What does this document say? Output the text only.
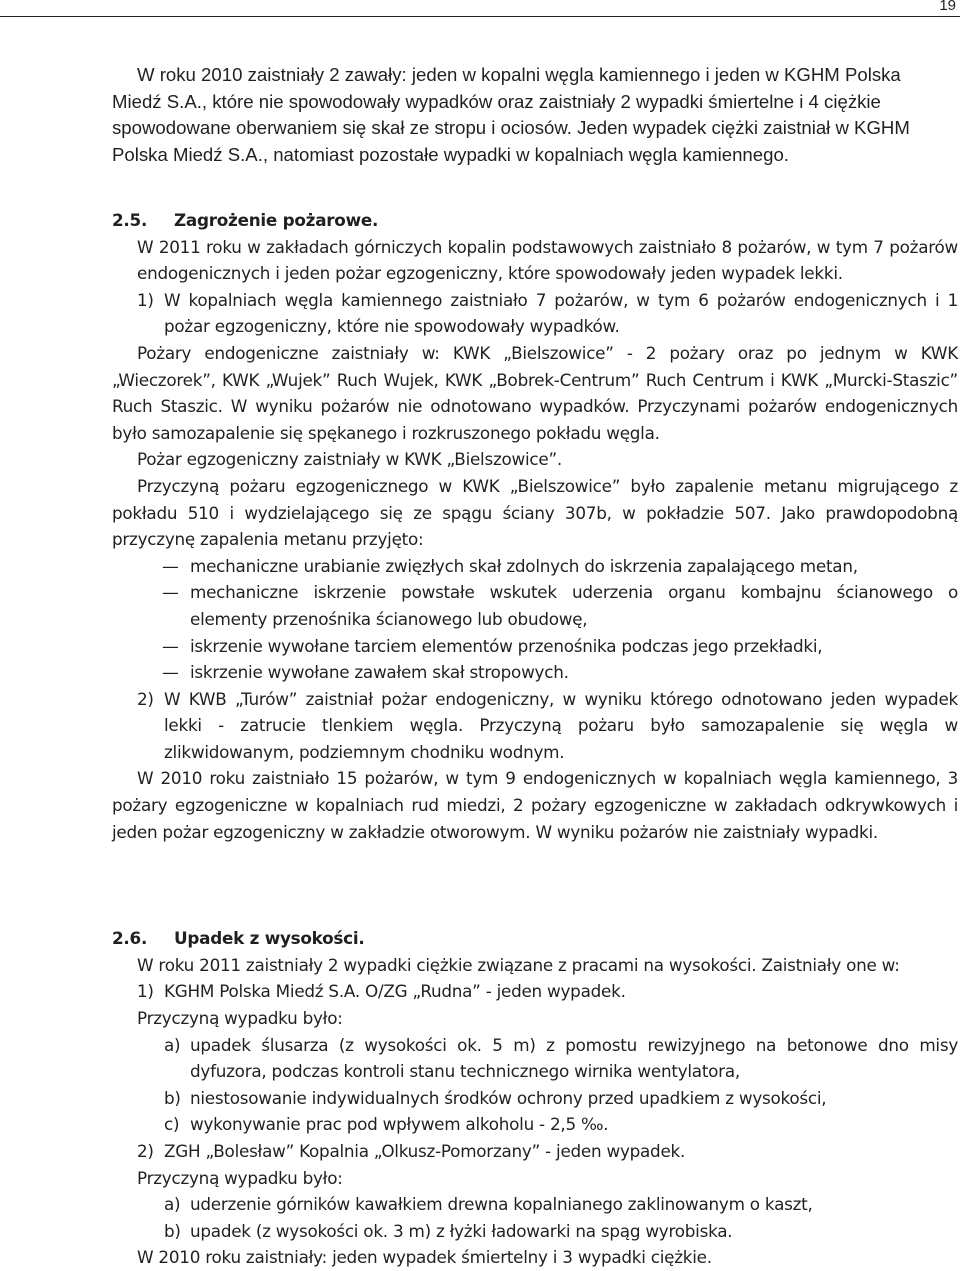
19
W roku 2010 zaistniały 2 zawały: jeden w kopalni węgla kamiennego i jeden w KGHM Polska
Miedź S.A., które nie spowodowały wypadków oraz zaistniały 2 wypadki śmiertelne i 4 ciężkie
spowodowane oberwaniem się skał ze stropu i ociosów. Jeden wypadek ciężki zaistniał w KGHM
Polska Miedź S.A., natomiast pozostałe wypadki w kopalniach węgla kamiennego.
2.5.	Zagrożenie pożarowe.

W 2011 roku w zakładach górniczych kopalin podstawowych zaistniało 8 pożarów, w tym 7 pożarów endogenicznych i jeden pożar egzogeniczny, które spowodowały jeden wypadek lekki.

1) W kopalniach węgla kamiennego zaistniało 7 pożarów, w tym 6 pożarów endogenicznych i 1 pożar egzogeniczny, które nie spowodowały wypadków.

Pożary endogeniczne zaistniały w: KWK „Bielszowice” - 2 pożary oraz po jednym w KWK „Wieczorek”, KWK „Wujek” Ruch Wujek, KWK „Bobrek-Centrum” Ruch Centrum i KWK „Murcki-Staszic” Ruch Staszic. W wyniku pożarów nie odnotowano wypadków. Przyczynami pożarów endogenicznych było samozapalenie się spękanego i rozkruszonego pokładu węgla.

Pożar egzogeniczny zaistniały w KWK „Bielszowice”.

Przyczyną pożaru egzogenicznego w KWK „Bielszowice” było zapalenie metanu migrującego z pokładu 510 i wydzielającego się ze spągu ściany 307b, w pokładzie 507. Jako prawdopodobną przyczynę zapalenia metanu przyjęto:

— mechaniczne urabianie zwięzłych skał zdolnych do iskrzenia zapalającego metan,
— mechaniczne iskrzenie powstałe wskutek uderzenia organu kombajnu ścianowego o elementy przenośnika ścianowego lub obudowę,
— iskrzenie wywołane tarciem elementów przenośnika podczas jego przekładki,
— iskrzenie wywołane zawałem skał stropowych.
2) W KWB „Turów” zaistniał pożar endogeniczny, w wyniku którego odnotowano jeden wypadek lekki - zatrucie tlenkiem węgla. Przyczyną pożaru było samozapalenie się węgla w zlikwidowanym, podziemnym chodniku wodnym.

W 2010 roku zaistniało 15 pożarów, w tym 9 endogenicznych w kopalniach węgla kamiennego, 3 pożary egzogeniczne w kopalniach rud miedzi, 2 pożary egzogeniczne w zakładach odkrywkowych i jeden pożar egzogeniczny w zakładzie otworowym. W wyniku pożarów nie zaistniały wypadki.

2.6.	Upadek z wysokości.

W roku 2011 zaistniały 2 wypadki ciężkie związane z pracami na wysokości. Zaistniały one w:

1) KGHM Polska Miedź S.A. O/ZG „Rudna” - jeden wypadek.

Przyczyną wypadku było:

a) upadek ślusarza (z wysokości ok. 5 m) z pomostu rewizyjnego na betonowe dno misy dyfuzora, podczas kontroli stanu technicznego wirnika wentylatora,
b) niestosowanie indywidualnych środków ochrony przed upadkiem z wysokości,
c) wykonywanie prac pod wpływem alkoholu - 2,5 ‰.
2) ZGH „Bolesław” Kopalnia „Olkusz-Pomorzany” - jeden wypadek.

Przyczyną wypadku było:

a) uderzenie górników kawałkiem drewna kopalnianego zaklinowanym o kaszt,
b) upadek (z wysokości ok. 3 m) z łyżki ładowarki na spąg wyrobiska.

W 2010 roku zaistniały: jeden wypadek śmiertelny i 3 wypadki ciężkie.
